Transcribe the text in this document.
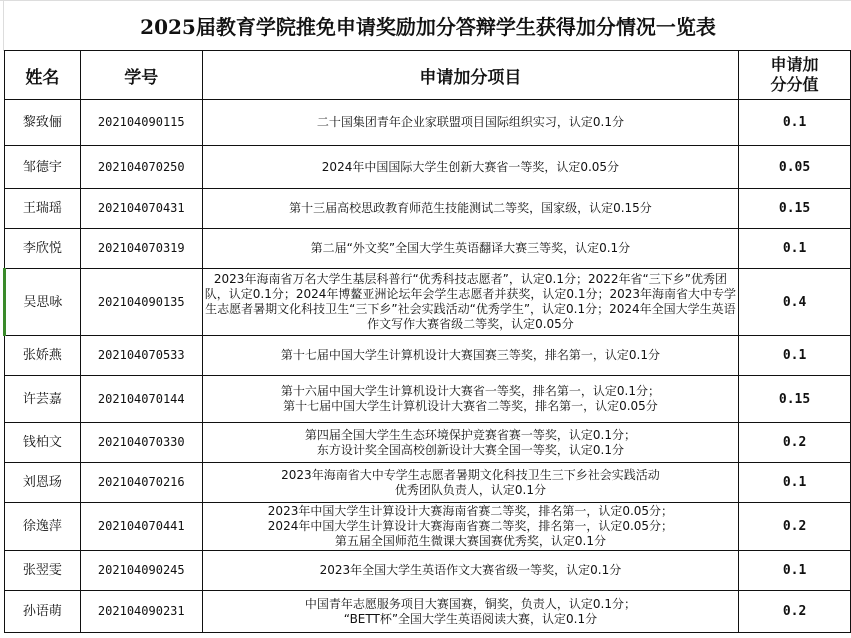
2025届教育学院推免申请奖励加分答辩学生获得加分情况一览表
姓名	学号	申请加分项目	申请加分分值
黎致俪	202104090115	二十国集团青年企业家联盟项目国际组织实习，认定0.1分	0.1
邹德宇	202104070250	2024年中国国际大学生创新大赛省一等奖，认定0.05分	0.05
王瑞瑶	202104070431	第十三届高校思政教育师范生技能测试二等奖，国家级，认定0.15分	0.15
李欣悦	202104070319	第二届“外文奖”全国大学生英语翻译大赛三等奖，认定0.1分	0.1
吴思咏	202104090135	2023年海南省万名大学生基层科普行“优秀科技志愿者”，认定0.1分；2022年省“三下乡”优秀团队，认定0.1分；2024年博鳌亚洲论坛年会学生志愿者并获奖，认定0.1分；2023年海南省大中专学生志愿者暑期文化科技卫生“三下乡”社会实践活动“优秀学生”，认定0.1分；2024年全国大学生英语作文写作大赛省级二等奖，认定0.05分	0.4
张娇燕	202104070533	第十七届中国大学生计算机设计大赛国赛三等奖，排名第一，认定0.1分	0.1
许芸嘉	202104070144	第十六届中国大学生计算机设计大赛省一等奖，排名第一，认定0.1分；
第十七届中国大学生计算机设计大赛省二等奖，排名第一，认定0.05分	0.15
钱柏文	202104070330	第四届全国大学生生态环境保护竞赛省赛一等奖，认定0.1分；
东方设计奖全国高校创新设计大赛全国一等奖，认定0.1分	0.2
刘恩玚	202104070216	2023年海南省大中专学生志愿者暑期文化科技卫生三下乡社会实践活动
优秀团队负责人，认定0.1分	0.1
徐逸萍	202104070441	2023年中国大学生计算设计大赛海南省赛二等奖，排名第一，认定0.05分；
2024年中国大学生计算设计大赛海南省赛二等奖，排名第一，认定0.05分；
第五届全国师范生微课大赛国赛优秀奖，认定0.1分	0.2
张翌雯	202104090245	2023年全国大学生英语作文大赛省级一等奖，认定0.1分	0.1
孙语萌	202104090231	中国青年志愿服务项目大赛国赛，铜奖，负责人，认定0.1分；
“BETT杯”全国大学生英语阅读大赛，认定0.1分	0.2
